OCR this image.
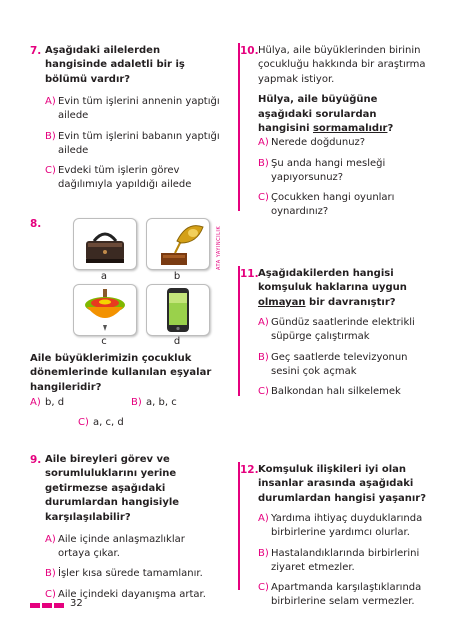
7. Aşağıdaki ailelerden hangisinde adaletli bir iş bölümü vardır?
A) Evin tüm işlerini annenin yaptığı ailede
B) Evin tüm işlerini babanın yaptığı ailede
C) Evdeki tüm işlerin görev dağılımıyla yapıldığı ailede
8.
a	b
c	d
Aile büyüklerimizin çocukluk dönemlerinde kullanılan eşyalar hangileridir?
A) b, d	B) a, b, c
C) a, c, d
9. Aile bireyleri görev ve sorumluluklarını yerine getirmezse aşağıdaki durumlardan hangisiyle karşılaşılabilir?
A) Aile içinde anlaşmazlıklar ortaya çıkar.
B) İşler kısa sürede tamamlanır.
C) Aile içindeki dayanışma artar.
ATA YAYINCILIK
10. Hülya, aile büyüklerinden birinin çocukluğu hakkında bir araştırma yapmak istiyor.
Hülya, aile büyüğüne aşağıdaki sorulardan hangisini sormamalıdır?
A) Nerede doğdunuz?
B) Şu anda hangi mesleği yapıyorsunuz?
C) Çocukken hangi oyunları oynardınız?
11. Aşağıdakilerden hangisi komşuluk haklarına uygun olmayan bir davranıştır?
A) Gündüz saatlerinde elektrikli süpürge çalıştırmak
B) Geç saatlerde televizyonun sesini çok açmak
C) Balkondan halı silkelemek
12. Komşuluk ilişkileri iyi olan insanlar arasında aşağıdaki durumlardan hangisi yaşanır?
A) Yardıma ihtiyaç duyduklarında birbirlerine yardımcı olurlar.
B) Hastalandıklarında birbirlerini ziyaret etmezler.
C) Apartmanda karşılaştıklarında birbirlerine selam vermezler.
32
